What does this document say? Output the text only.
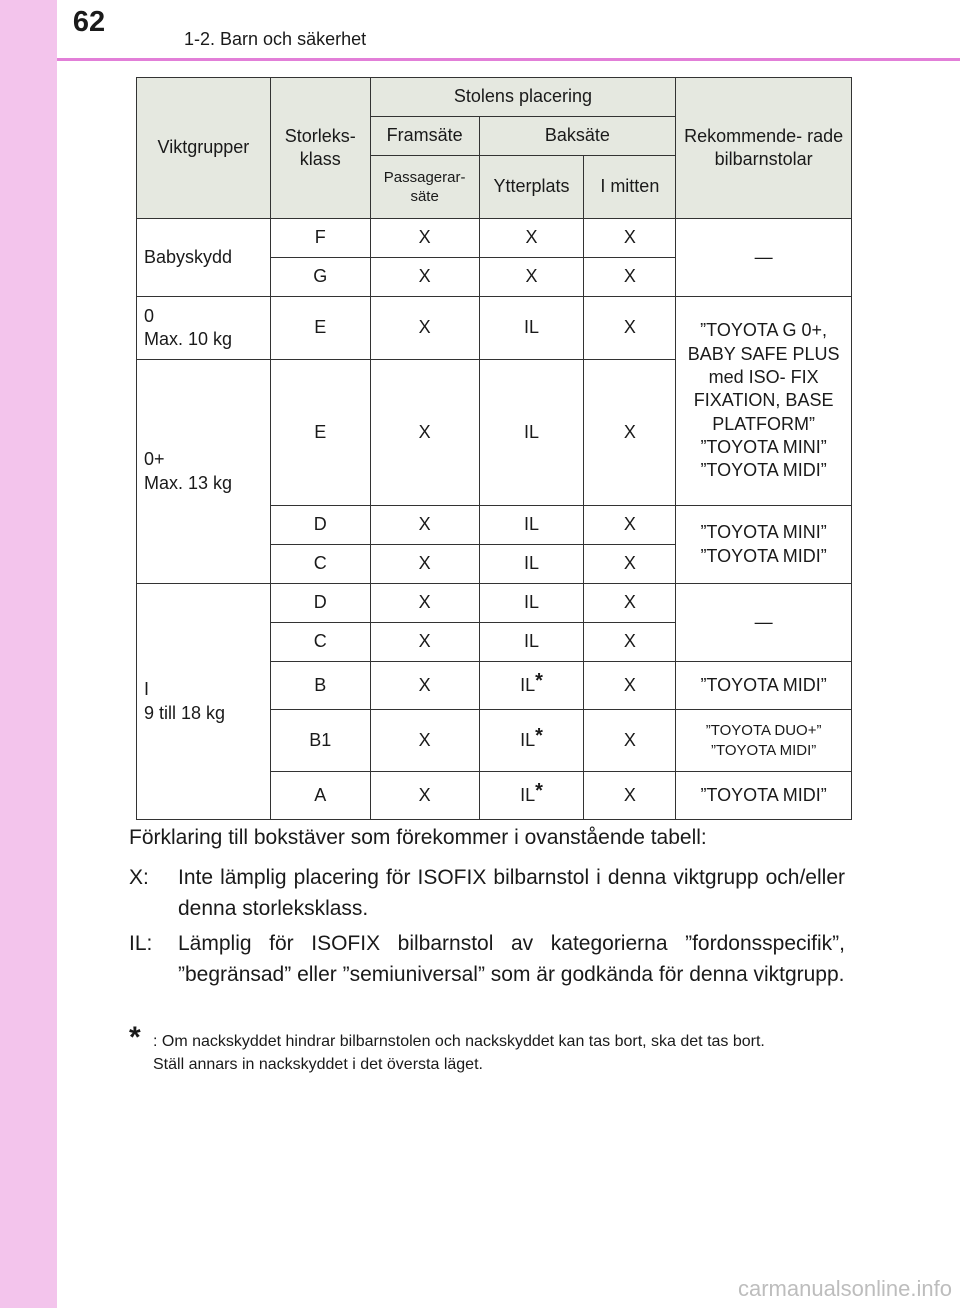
62
1-2. Barn och säkerhet
Viktgrupper	Storleks- klass	Stolens placering			Rekommende- rade bilbarnstolar
		Framsäte	Baksäte		
		Passagerar- säte	Ytterplats	I mitten	
Babyskydd	F	X	X	X	—
	G	X	X	X	
0
Max. 10 kg	E	X	IL	X	”TOYOTA G 0+, BABY SAFE PLUS med ISO- FIX FIXATION, BASE PLATFORM” ”TOYOTA MINI” ”TOYOTA MIDI”
0+
Max. 13 kg	E	X	IL	X	
	D	X	IL	X	”TOYOTA MINI” ”TOYOTA MIDI”
	C	X	IL	X	
I
9 till 18 kg	D	X	IL	X	—
	C	X	IL	X	
	B	X	IL*	X	”TOYOTA MIDI”
	B1	X	IL*	X	”TOYOTA DUO+” ”TOYOTA MIDI”
	A	X	IL*	X	”TOYOTA MIDI”
Förklaring till bokstäver som förekommer i ovanstående tabell:
X: Inte lämplig placering för ISOFIX bilbarnstol i denna viktgrupp och/eller denna storleksklass.
IL: Lämplig för ISOFIX bilbarnstol av kategorierna ”fordonsspecifik”, ”begränsad” eller ”semiuniversal” som är godkända för denna viktgrupp.
* : Om nackskyddet hindrar bilbarnstolen och nackskyddet kan tas bort, ska det tas bort.
Ställ annars in nackskyddet i det översta läget.
carmanualsonline.info
